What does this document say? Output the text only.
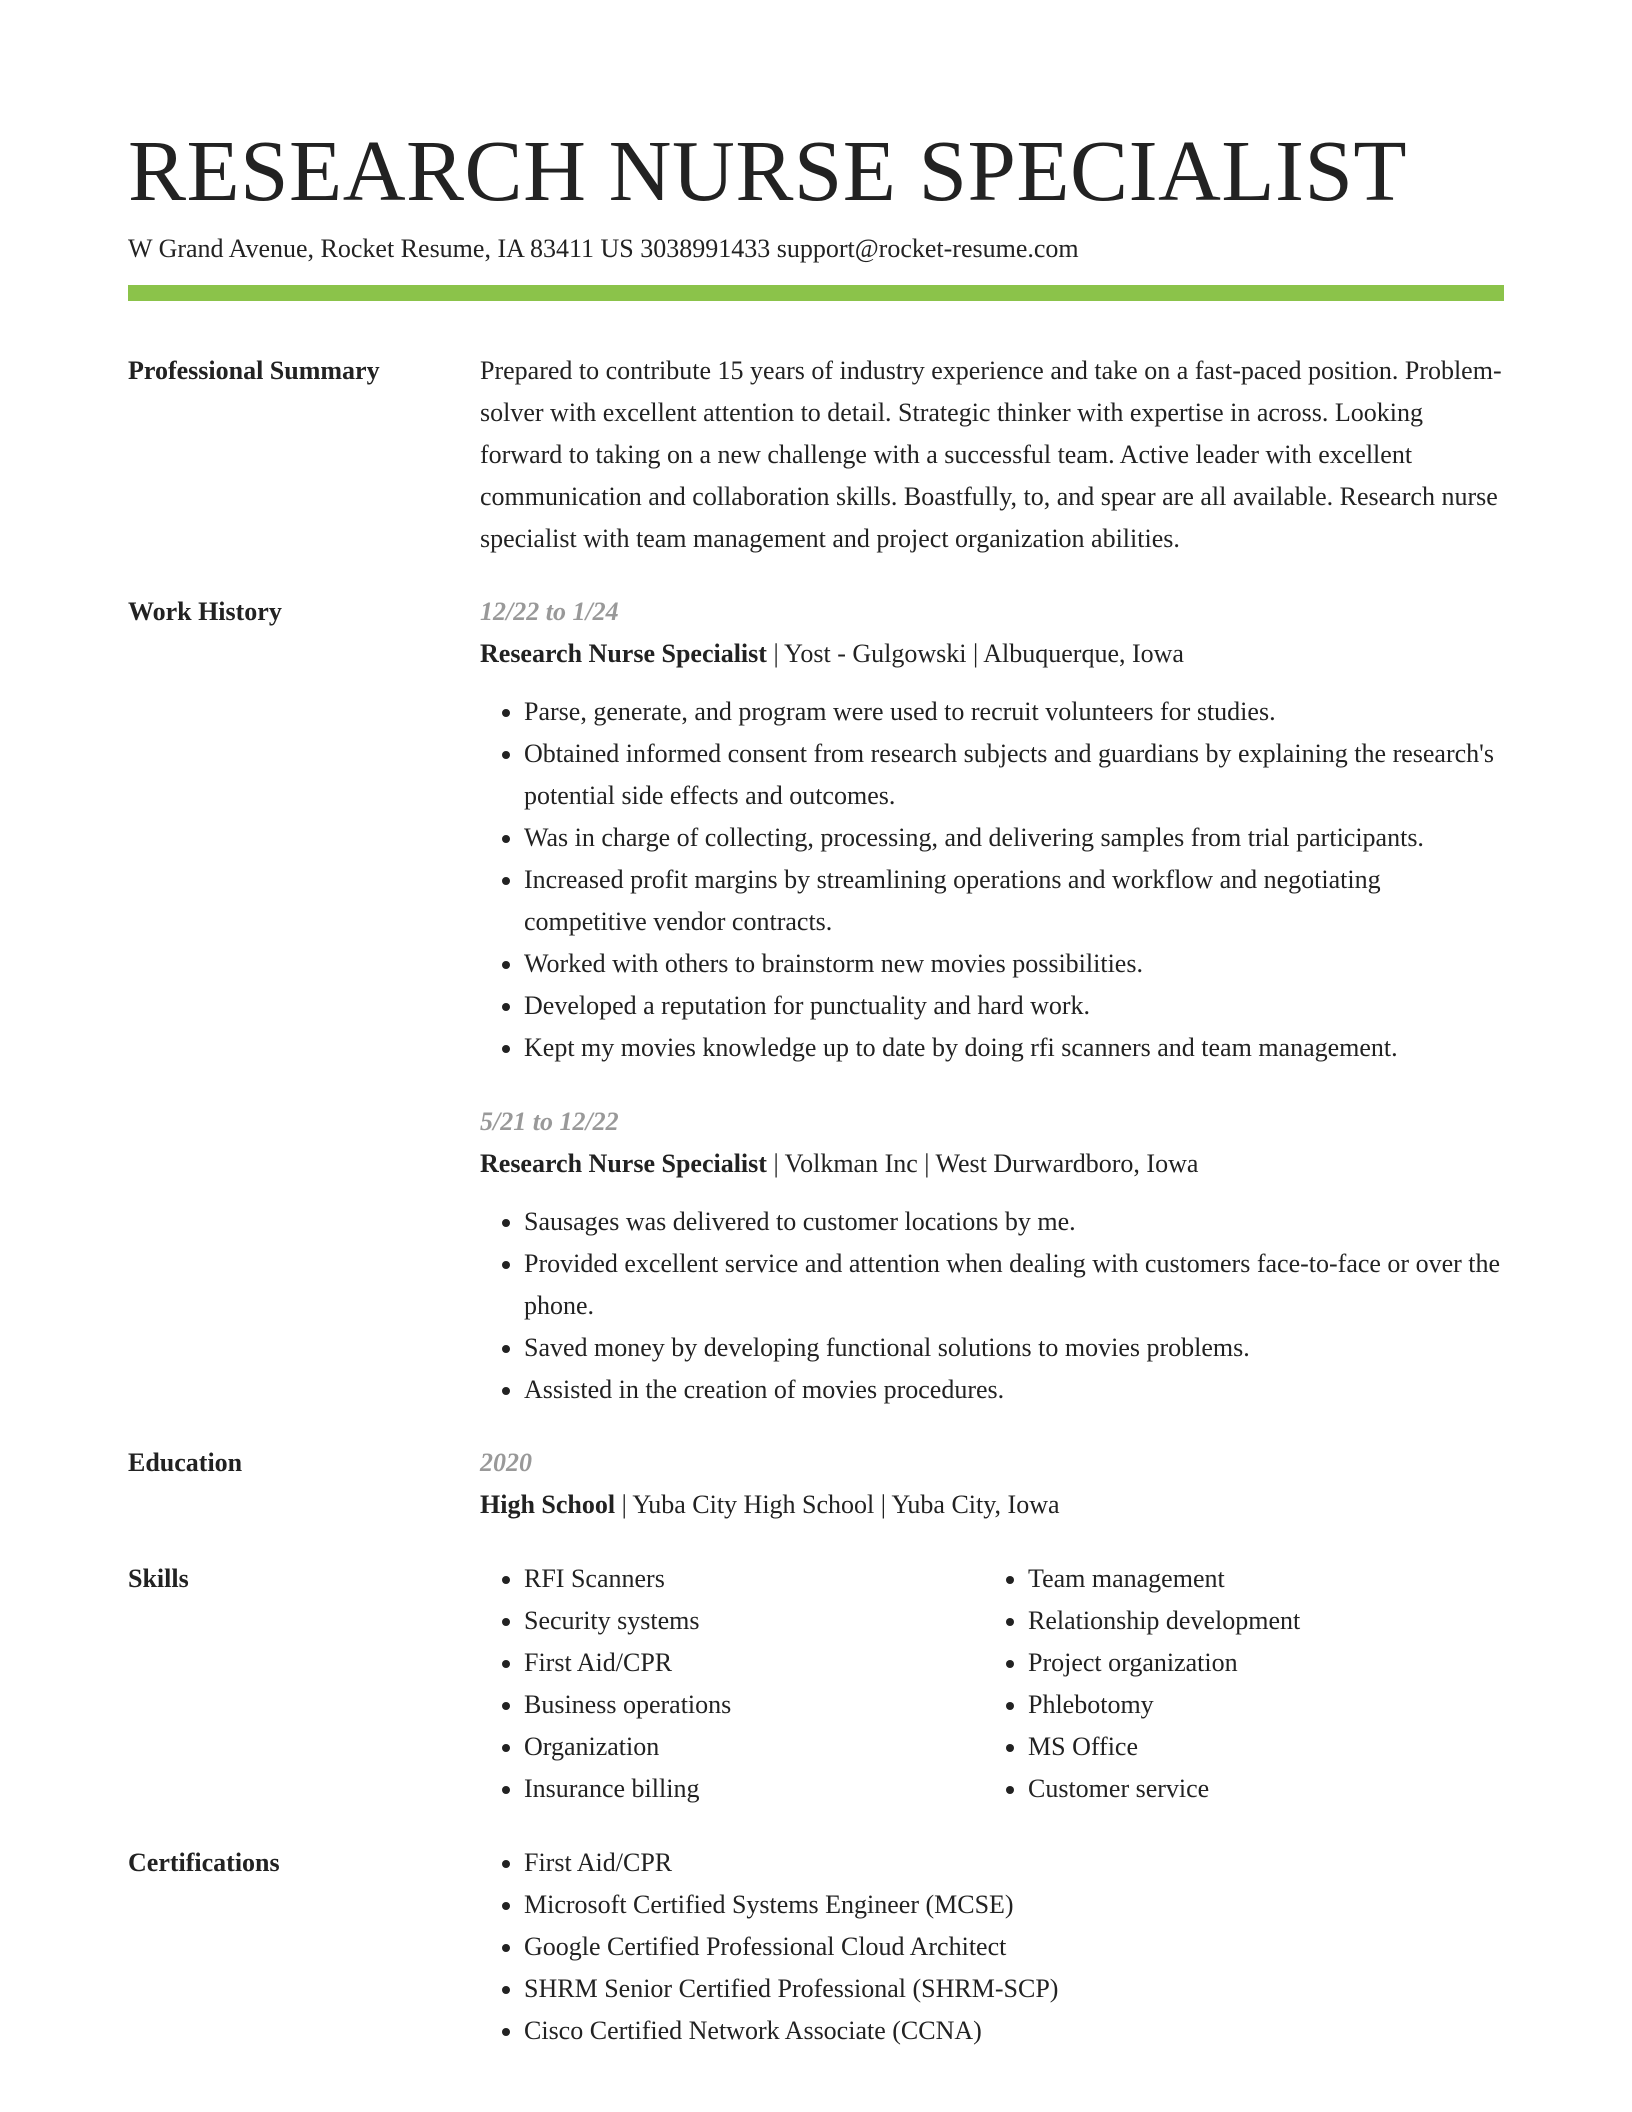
RESEARCH NURSE SPECIALIST
W Grand Avenue, Rocket Resume, IA 83411 US 3038991433 support@rocket-resume.com
Professional Summary	Prepared to contribute 15 years of industry experience and take on a fast-paced position. Problem-solver with excellent attention to detail. Strategic thinker with expertise in across. Looking forward to taking on a new challenge with a successful team. Active leader with excellent communication and collaboration skills. Boastfully, to, and spear are all available. Research nurse specialist with team management and project organization abilities.

Work History	12/22 to 1/24
Research Nurse Specialist | Yost - Gulgowski | Albuquerque, Iowa
• Parse, generate, and program were used to recruit volunteers for studies.
• Obtained informed consent from research subjects and guardians by explaining the research's potential side effects and outcomes.
• Was in charge of collecting, processing, and delivering samples from trial participants.
• Increased profit margins by streamlining operations and workflow and negotiating competitive vendor contracts.
• Worked with others to brainstorm new movies possibilities.
• Developed a reputation for punctuality and hard work.
• Kept my movies knowledge up to date by doing rfi scanners and team management.
5/21 to 12/22
Research Nurse Specialist | Volkman Inc | West Durwardboro, Iowa
• Sausages was delivered to customer locations by me.
• Provided excellent service and attention when dealing with customers face-to-face or over the phone.
• Saved money by developing functional solutions to movies problems.
• Assisted in the creation of movies procedures.
Education	2020
High School | Yuba City High School | Yuba City, Iowa
Skills	• RFI Scanners
• Security systems
• First Aid/CPR
• Business operations
• Organization
• Insurance billing
• Team management
• Relationship development
• Project organization
• Phlebotomy
• MS Office
• Customer service
Certifications	• First Aid/CPR
• Microsoft Certified Systems Engineer (MCSE)
• Google Certified Professional Cloud Architect
• SHRM Senior Certified Professional (SHRM-SCP)
• Cisco Certified Network Associate (CCNA)
